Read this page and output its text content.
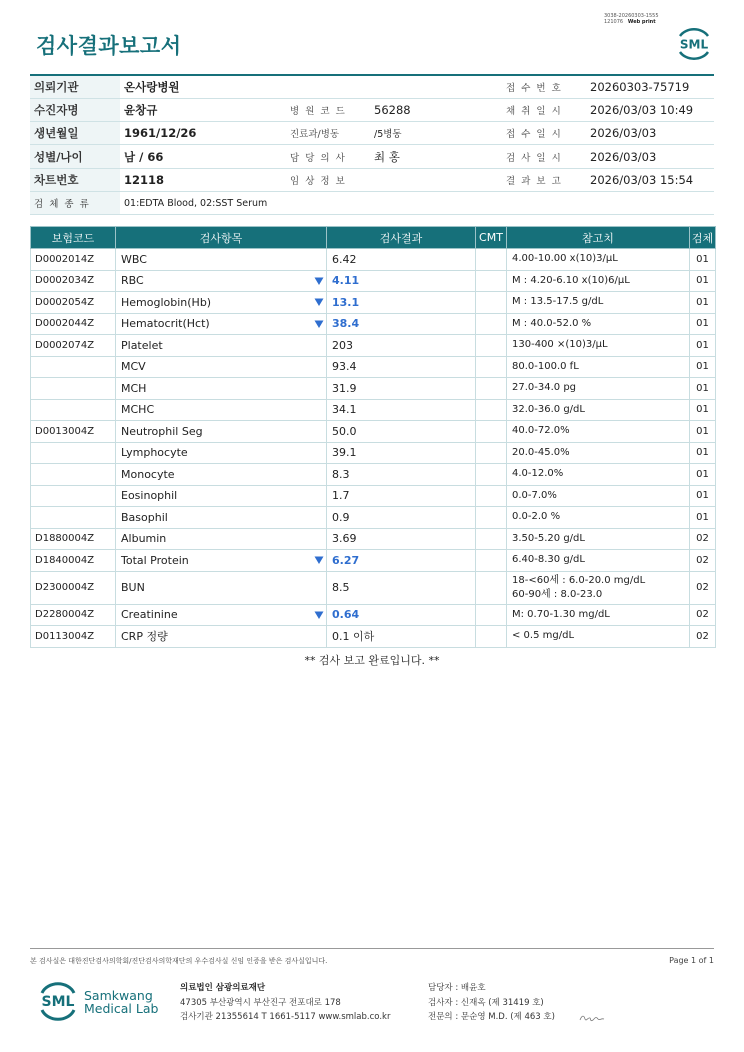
검사결과보고서
3038-20260303-1555
121076 Web print
SML
의뢰기관	온사랑병원			접 수 번 호	20260303-75719
수진자명	윤창규	병 원 코 드	56288	채 취 일 시	2026/03/03 10:49
생년월일	1961/12/26	진료과/병동	/5병동	접 수 일 시	2026/03/03
성별/나이	남 / 66	담 당 의 사	최 홍	검 사 일 시	2026/03/03
차트번호	12118	임 상 정 보		결 과 보 고	2026/03/03 15:54
검 체 종 류	01:EDTA Blood, 02:SST Serum				
보험코드	검사항목	검사결과	CMT	참고치	검체
D0002014Z	WBC	6.42		4.00-10.00 x(10)3/µL	01
D0002034Z	RBC	4.11		M : 4.20-6.10 x(10)6/µL	01
D0002054Z	Hemoglobin(Hb)	13.1		M : 13.5-17.5 g/dL	01
D0002044Z	Hematocrit(Hct)	38.4		M : 40.0-52.0 %	01
D0002074Z	Platelet	203		130-400 ×(10)3/µL	01
	MCV	93.4		80.0-100.0 fL	01
	MCH	31.9		27.0-34.0 pg	01
	MCHC	34.1		32.0-36.0 g/dL	01
D0013004Z	Neutrophil Seg	50.0		40.0-72.0%	01
	Lymphocyte	39.1		20.0-45.0%	01
	Monocyte	8.3		4.0-12.0%	01
	Eosinophil	1.7		0.0-7.0%	01
	Basophil	0.9		0.0-2.0 %	01
D1880004Z	Albumin	3.69		3.50-5.20 g/dL	02
D1840004Z	Total Protein	6.27		6.40-8.30 g/dL	02
D2300004Z	BUN	8.5		18-<60세 : 6.0-20.0 mg/dL
60-90세 : 8.0-23.0	02
D2280004Z	Creatinine	0.64		M: 0.70-1.30 mg/dL	02
D0113004Z	CRP 정량	0.1 이하		< 0.5 mg/dL	02
** 검사 보고 완료입니다. **
본 검사실은 대한진단검사의학회/진단검사의학재단의 우수검사실 신임 인증을 받은 검사실입니다.	Page 1 of 1
SML Samkwang
Medical Lab
의료법인 삼광의료재단
47305 부산광역시 부산진구 전포대로 178
검사기관 21355614 T 1661-5117 www.smlab.co.kr
담당자 : 배윤호
검사자 : 신재옥 (제 31419 호)
전문의 : 문순영 M.D. (제 463 호)
